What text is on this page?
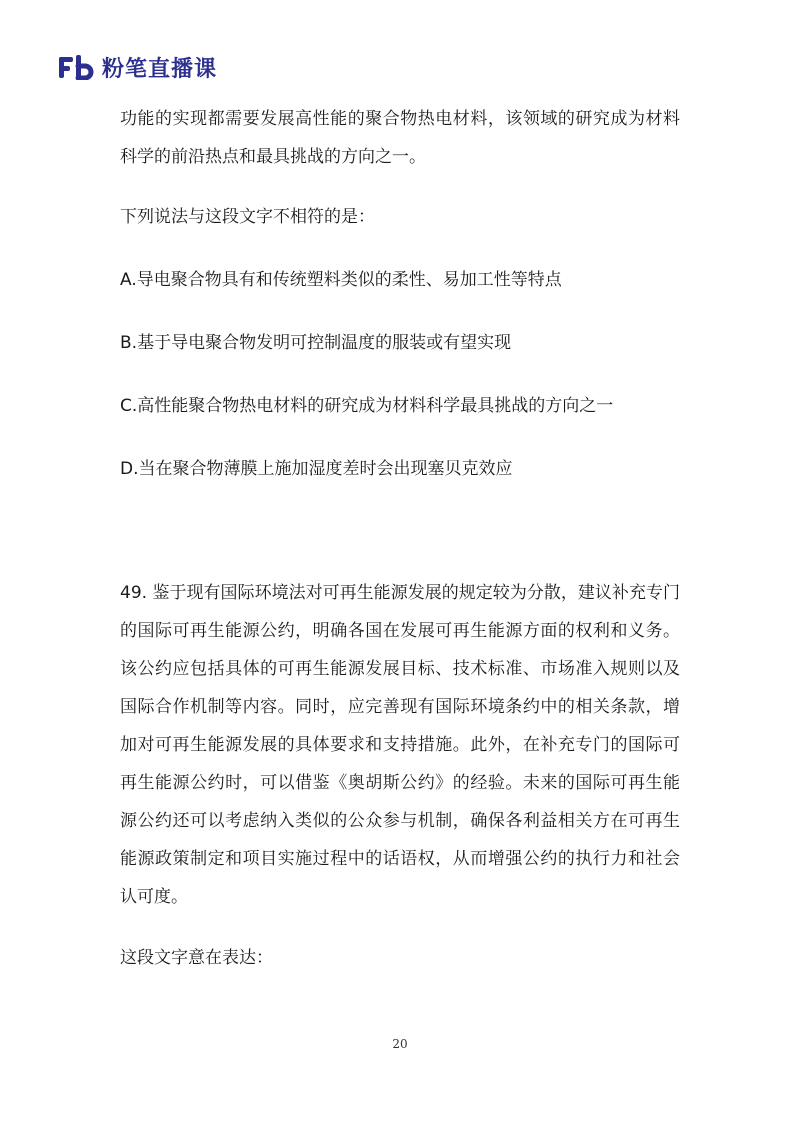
粉笔直播课

功能的实现都需要发展高性能的聚合物热电材料，该领域的研究成为材料科学的前沿热点和最具挑战的方向之一。

下列说法与这段文字不相符的是：

A.导电聚合物具有和传统塑料类似的柔性、易加工性等特点

B.基于导电聚合物发明可控制温度的服装或有望实现

C.高性能聚合物热电材料的研究成为材料科学最具挑战的方向之一

D.当在聚合物薄膜上施加湿度差时会出现塞贝克效应

49. 鉴于现有国际环境法对可再生能源发展的规定较为分散，建议补充专门的国际可再生能源公约，明确各国在发展可再生能源方面的权利和义务。该公约应包括具体的可再生能源发展目标、技术标准、市场准入规则以及国际合作机制等内容。同时，应完善现有国际环境条约中的相关条款，增加对可再生能源发展的具体要求和支持措施。此外，在补充专门的国际可再生能源公约时，可以借鉴《奥胡斯公约》的经验。未来的国际可再生能源公约还可以考虑纳入类似的公众参与机制，确保各利益相关方在可再生能源政策制定和项目实施过程中的话语权，从而增强公约的执行力和社会认可度。

这段文字意在表达：

20
